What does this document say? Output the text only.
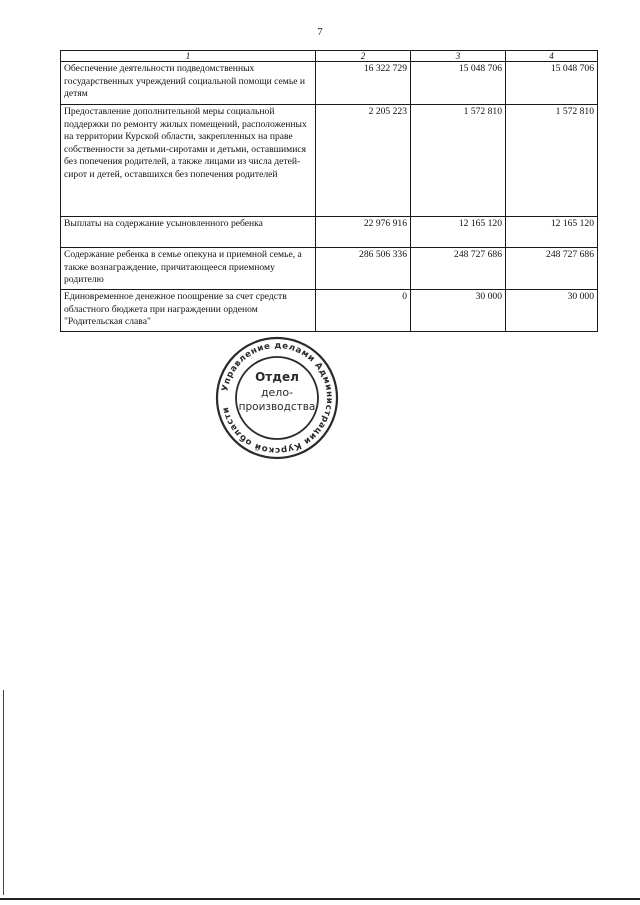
7
1	2	3	4
Обеспечение деятельности подведомственных государственных учреждений социальной помощи семье и детям	16 322 729	15 048 706	15 048 706
Предоставление дополнительной меры социальной поддержки по ремонту жилых помещений, расположенных на территории Курской области, закрепленных на праве собственности за детьми-сиротами и детьми, оставшимися без попечения родителей, а также лицами из числа детей-сирот и детей, оставшихся без попечения родителей	2 205 223	1 572 810	1 572 810
Выплаты на содержание усыновленного ребенка	22 976 916	12 165 120	12 165 120
Содержание ребенка в семье опекуна и приемной семье, а также вознаграждение, причитающееся приемному родителю	286 506 336	248 727 686	248 727 686
Единовременное денежное поощрение за счет средств областного бюджета при награждении орденом "Родительская слава"	0	30 000	30 000
Управление делами Администрации Курской области
Отдел
дело-
производства
